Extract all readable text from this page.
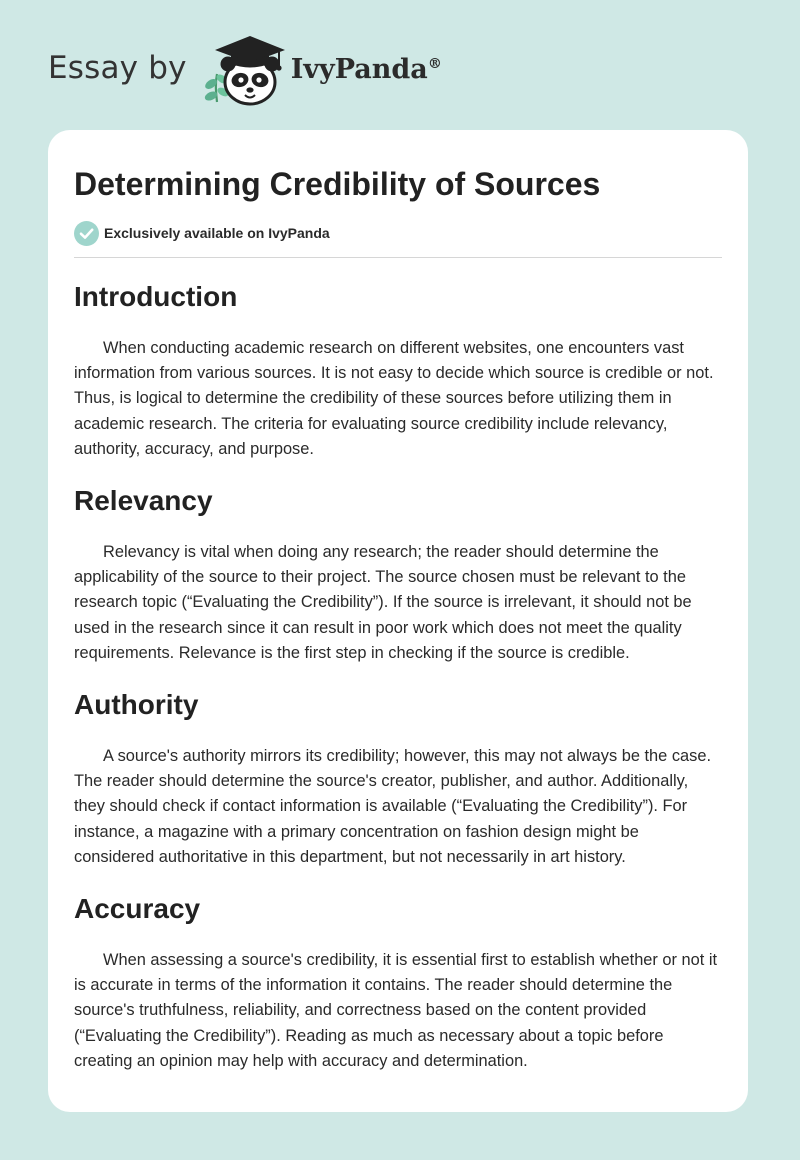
Essay by	IvyPanda®
Determining Credibility of Sources
Exclusively available on IvyPanda
Introduction

When conducting academic research on different websites, one encounters vast information from various sources. It is not easy to decide which source is credible or not. Thus, is logical to determine the credibility of these sources before utilizing them in academic research. The criteria for evaluating source credibility include relevancy, authority, accuracy, and purpose.

Relevancy

Relevancy is vital when doing any research; the reader should determine the applicability of the source to their project. The source chosen must be relevant to the research topic (“Evaluating the Credibility”). If the source is irrelevant, it should not be used in the research since it can result in poor work which does not meet the quality requirements. Relevance is the first step in checking if the source is credible.

Authority

A source's authority mirrors its credibility; however, this may not always be the case. The reader should determine the source's creator, publisher, and author. Additionally, they should check if contact information is available (“Evaluating the Credibility”). For instance, a magazine with a primary concentration on fashion design might be considered authoritative in this department, but not necessarily in art history.

Accuracy

When assessing a source's credibility, it is essential first to establish whether or not it is accurate in terms of the information it contains. The reader should determine the source's truthfulness, reliability, and correctness based on the content provided (“Evaluating the Credibility”). Reading as much as necessary about a topic before creating an opinion may help with accuracy and determination.
